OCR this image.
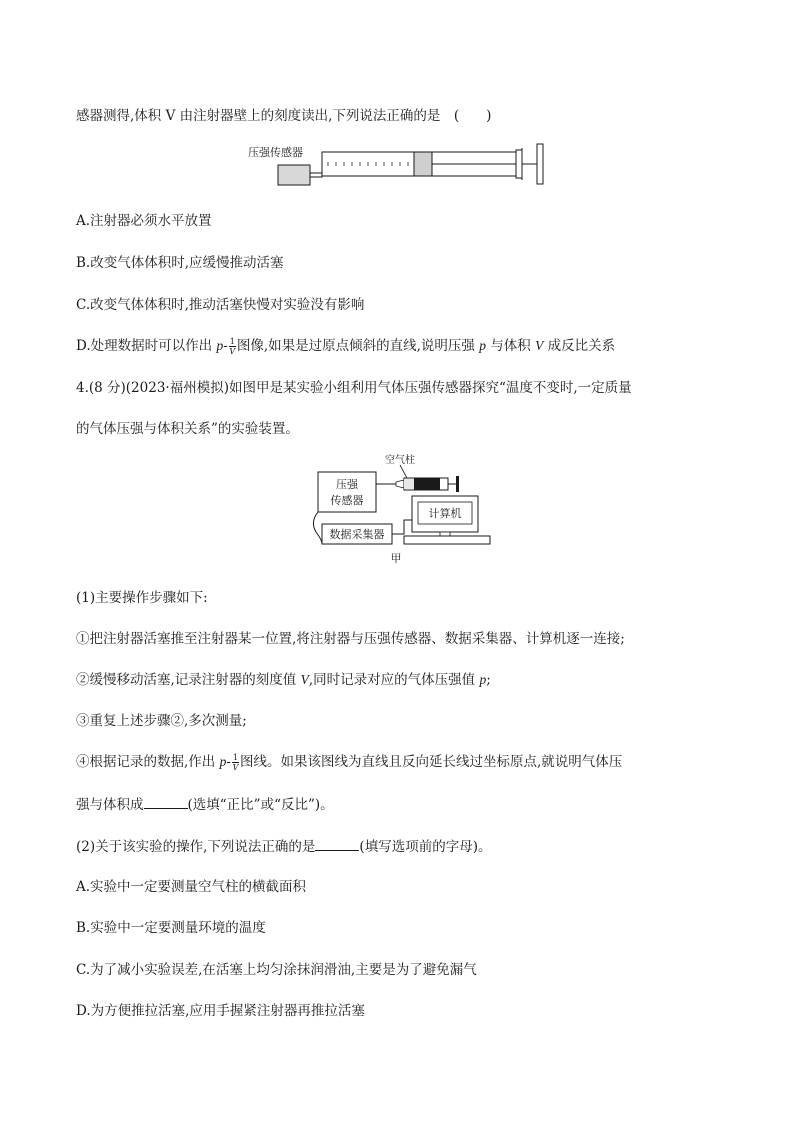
感器测得,体积 V 由注射器壁上的刻度读出,下列说法正确的是　(　　)
压强传感器
A.注射器必须水平放置
B.改变气体体积时,应缓慢推动活塞
C.改变气体体积时,推动活塞快慢对实验没有影响
D.处理数据时可以作出 $p- \frac{1}{V}$ 图像,如果是过原点倾斜的直线,说明压强 p 与体积 V 成反比关系
4.(8 分)(2023·福州模拟)如图甲是某实验小组利用气体压强传感器探究“温度不变时,一定质量
的气体压强与体积关系”的实验装置。
压强
传感器
空气柱
数据采集器
计算机
甲
(1)主要操作步骤如下:
①把注射器活塞推至注射器某一位置,将注射器与压强传感器、数据采集器、计算机逐一连接;
②缓慢移动活塞,记录注射器的刻度值 V,同时记录对应的气体压强值 p;
③重复上述步骤②,多次测量;
④根据记录的数据,作出 $p- \frac{1}{V}$ 图线。如果该图线为直线且反向延长线过坐标原点,就说明气体压
强与体积成	(选填“正比”或“反比”)。
(2)关于该实验的操作,下列说法正确的是	(填写选项前的字母)。
A.实验中一定要测量空气柱的横截面积
B.实验中一定要测量环境的温度
C.为了减小实验误差,在活塞上均匀涂抹润滑油,主要是为了避免漏气
D.为方便推拉活塞,应用手握紧注射器再推拉活塞
